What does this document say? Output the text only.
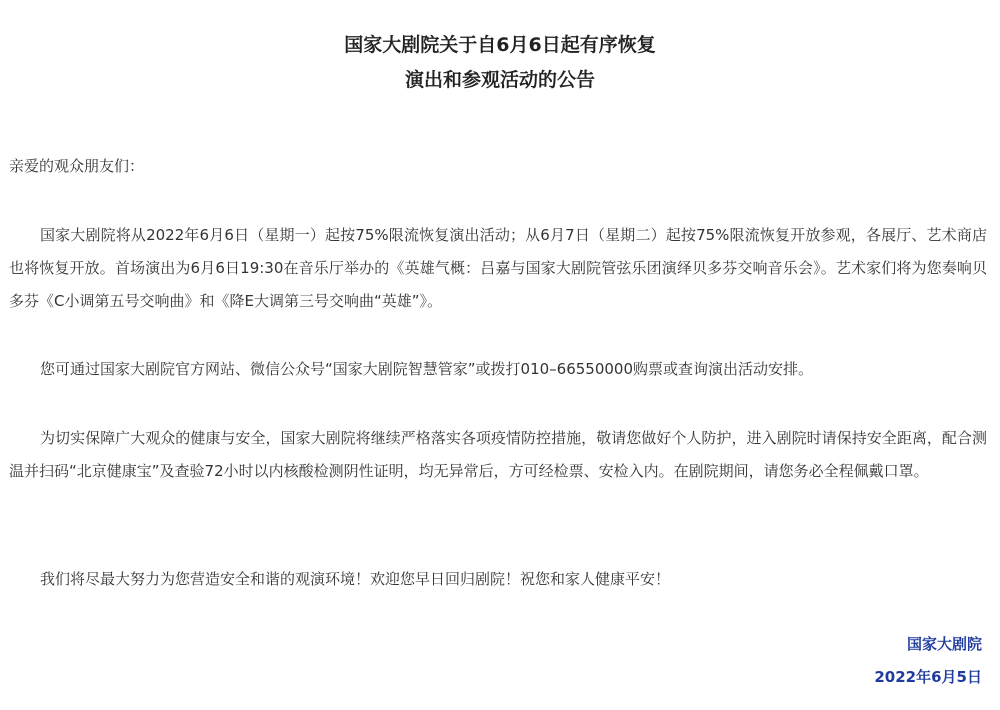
国家大剧院关于自6月6日起有序恢复
演出和参观活动的公告

亲爱的观众朋友们：

国家大剧院将从2022年6月6日（星期一）起按75%限流恢复演出活动；从6月7日（星期二）起按75%限流恢复开放参观，各展厅、艺术商店也将恢复开放。首场演出为6月6日19:30在音乐厅举办的《英雄气概：吕嘉与国家大剧院管弦乐团演绎贝多芬交响音乐会》。艺术家们将为您奏响贝多芬《C小调第五号交响曲》和《降E大调第三号交响曲“英雄”》。

您可通过国家大剧院官方网站、微信公众号“国家大剧院智慧管家”或拨打010–66550000购票或查询演出活动安排。

为切实保障广大观众的健康与安全，国家大剧院将继续严格落实各项疫情防控措施，敬请您做好个人防护，进入剧院时请保持安全距离，配合测温并扫码“北京健康宝”及查验72小时以内核酸检测阴性证明，均无异常后，方可经检票、安检入内。在剧院期间，请您务必全程佩戴口罩。

我们将尽最大努力为您营造安全和谐的观演环境！欢迎您早日回归剧院！祝您和家人健康平安！

国家大剧院
2022年6月5日
